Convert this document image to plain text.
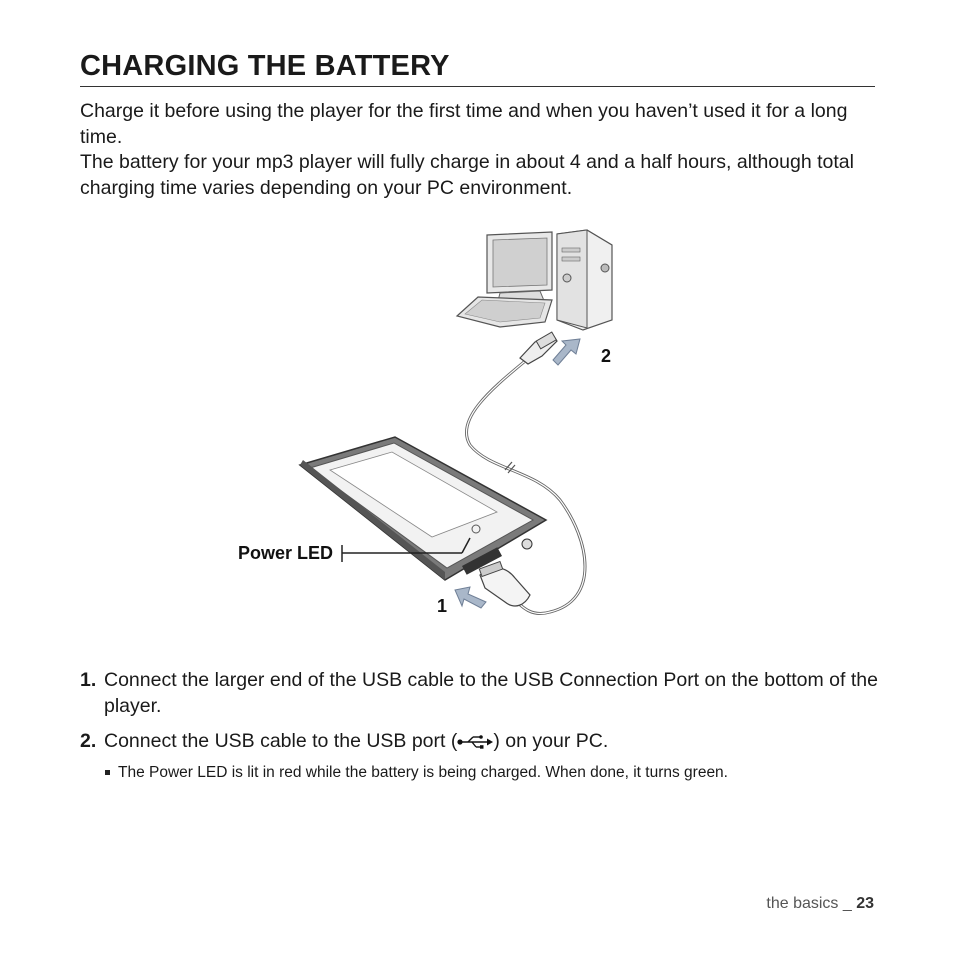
CHARGING THE BATTERY

Charge it before using the player for the first time and when you haven’t used it for a long time.

The battery for your mp3 player will fully charge in about 4 and a half hours, although total charging time varies depending on your PC environment.

Power LED
1
2
1. Connect the larger end of the USB cable to the USB Connection Port on the bottom of the player.
2. Connect the USB cable to the USB port ( ) on your PC.
The Power LED is lit in red while the battery is being charged. When done, it turns green.
the basics _ 23
